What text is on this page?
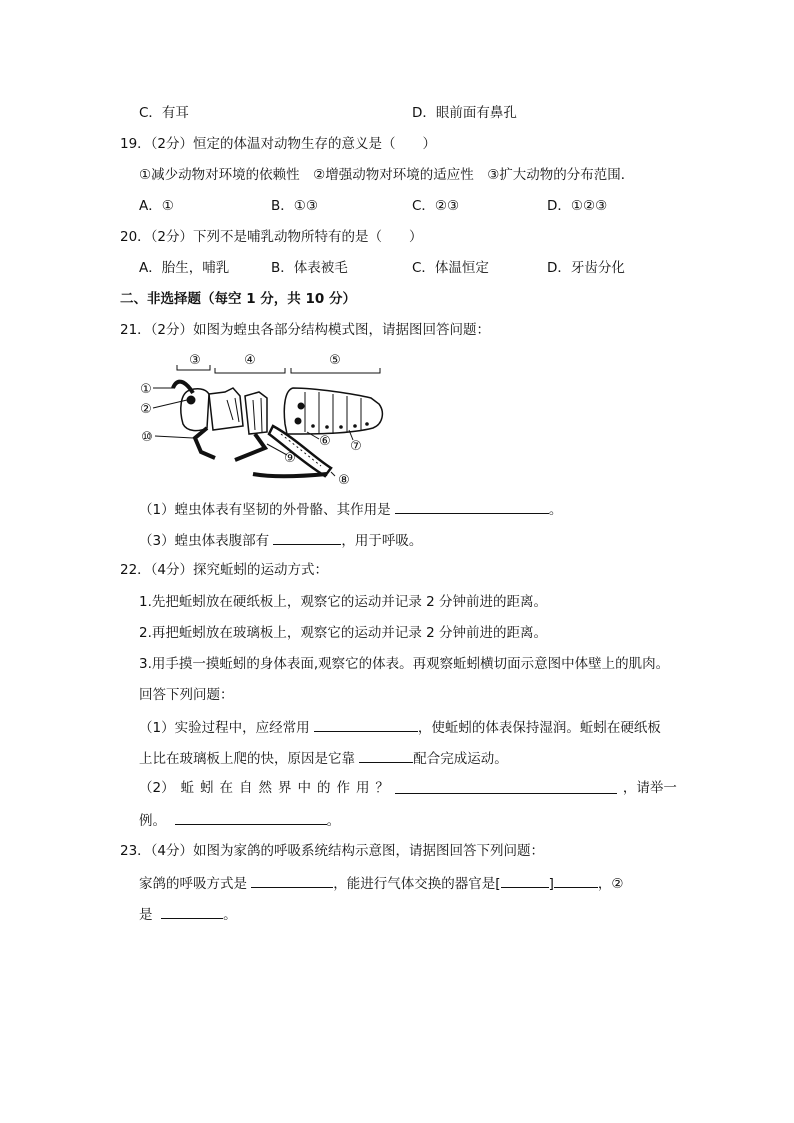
C．有耳	D．眼前面有鼻孔
19．（2分）恒定的体温对动物生存的意义是（　　）
①减少动物对环境的依赖性　②增强动物对环境的适应性　③扩大动物的分布范围．
A．①	B．①③	C．②③	D．①②③
20．（2分）下列不是哺乳动物所特有的是（　　）
A．胎生，哺乳	B．体表被毛	C．体温恒定	D．牙齿分化
二、非选择题（每空 1 分，共 10 分）
21．（2分）如图为蝗虫各部分结构模式图，请据图回答问题：
③	④	⑤
①
②
⑩	⑥ ⑦
⑨
⑧
（1）蝗虫体表有坚韧的外骨骼、其作用是	。
（3）蝗虫体表腹部有	，用于呼吸。
22．（4分）探究蚯蚓的运动方式：
1.先把蚯蚓放在硬纸板上，观察它的运动并记录 2 分钟前进的距离。
2.再把蚯蚓放在玻璃板上，观察它的运动并记录 2 分钟前进的距离。
3.用手摸一摸蚯蚓的身体表面,观察它的体表。再观察蚯蚓横切面示意图中体壁上的肌肉。
回答下列问题：
（1）实验过程中，应经常用	，使蚯蚓的体表保持湿润。蚯蚓在硬纸板
上比在玻璃板上爬的快，原因是它靠	配合完成运动。
（2） 蚯 蚓 在 自 然 界 中 的 作 用 ？	，请举一
例。	。
23．（4分）如图为家鸽的呼吸系统结构示意图，请据图回答下列问题：
家鸽的呼吸方式是	，能进行气体交换的器官是[	]	，②
是	。
